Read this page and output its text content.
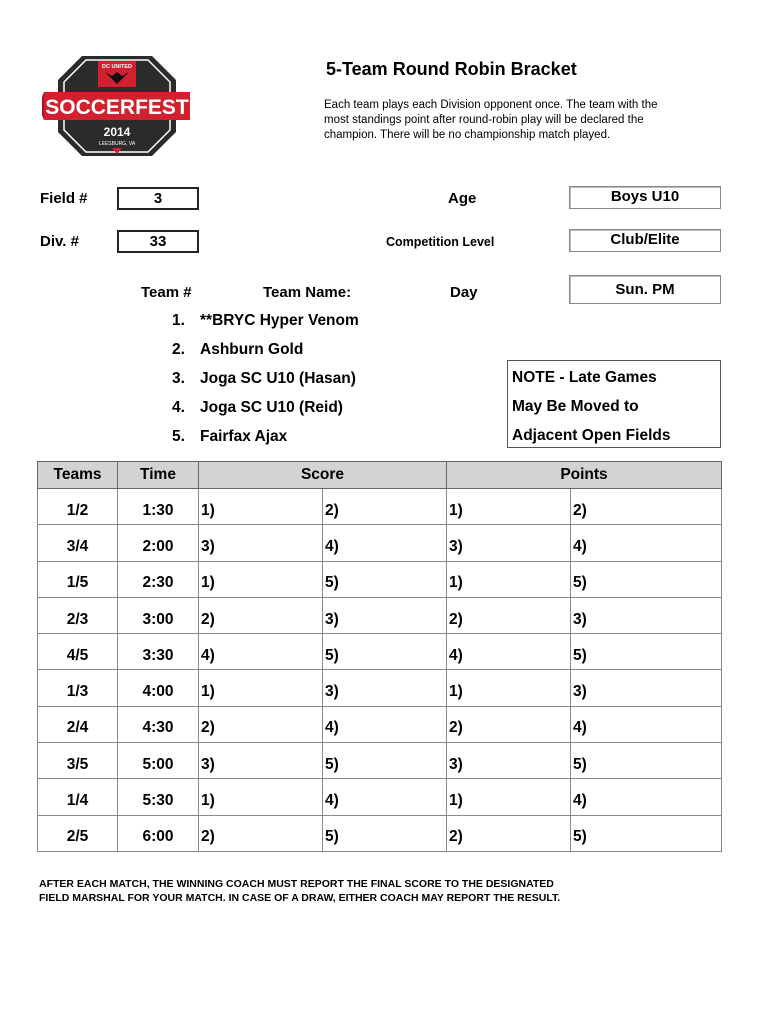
DC UNITED
SOCCERFEST
2014
LEESBURG, VA
5-Team Round Robin Bracket
Each team plays each Division opponent once. The team with the most standings point after round-robin play will be declared the champion. There will be no championship match played.
Field #	3
Div. #	33
Age	Boys U10
Competition Level	Club/Elite
Team #	Team Name:	Day	Sun. PM
1. **BRYC Hyper Venom
2. Ashburn Gold
3. Joga SC U10 (Hasan)
4. Joga SC U10 (Reid)
5. Fairfax Ajax
NOTE - Late Games
May Be Moved to
Adjacent Open Fields
Teams	Time	Score		Points	
1/2	1:30	1)	2)	1)	2)
3/4	2:00	3)	4)	3)	4)
1/5	2:30	1)	5)	1)	5)
2/3	3:00	2)	3)	2)	3)
4/5	3:30	4)	5)	4)	5)
1/3	4:00	1)	3)	1)	3)
2/4	4:30	2)	4)	2)	4)
3/5	5:00	3)	5)	3)	5)
1/4	5:30	1)	4)	1)	4)
2/5	6:00	2)	5)	2)	5)
AFTER EACH MATCH, THE WINNING COACH MUST REPORT THE FINAL SCORE TO THE DESIGNATED
FIELD MARSHAL FOR YOUR MATCH. IN CASE OF A DRAW, EITHER COACH MAY REPORT THE RESULT.
